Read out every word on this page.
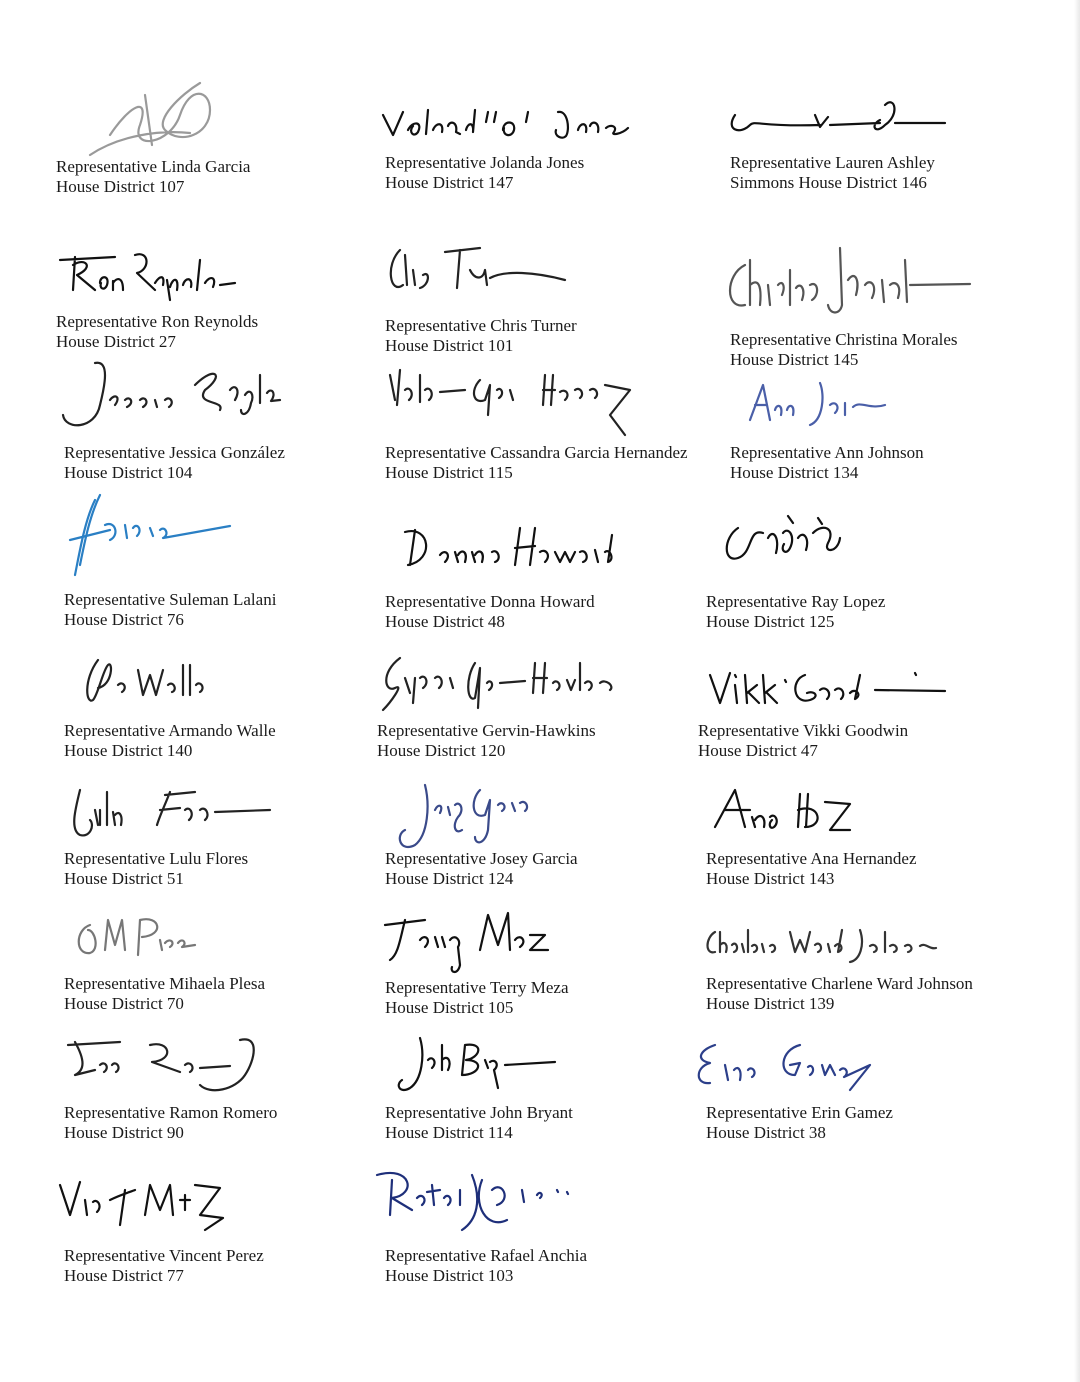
Representative Linda Garcia
House District 107
Representative Jolanda Jones
House District 147
Representative Lauren Ashley
Simmons House District 146
Representative Ron Reynolds
House District 27
Representative Chris Turner
House District 101	Representative Christina Morales
House District 145
Representative Jessica González
House District 104
Representative Cassandra Garcia Hernandez
House District 115
Representative Ann Johnson
House District 134
Representative Suleman Lalani
House District 76
Representative Donna Howard
House District 48
Representative Ray Lopez
House District 125
Representative Armando Walle
House District 140
Representative Gervin-Hawkins
House District 120
Representative Vikki Goodwin
House District 47
Representative Lulu Flores
House District 51
Representative Josey Garcia
House District 124
Representative Ana Hernandez
House District 143
Representative Mihaela Plesa
House District 70
Representative Terry Meza
House District 105
Representative Charlene Ward Johnson
House District 139
Representative Ramon Romero
House District 90
Representative John Bryant
House District 114
Representative Erin Gamez
House District 38
Representative Vincent Perez
House District 77
Representative Rafael Anchia
House District 103
